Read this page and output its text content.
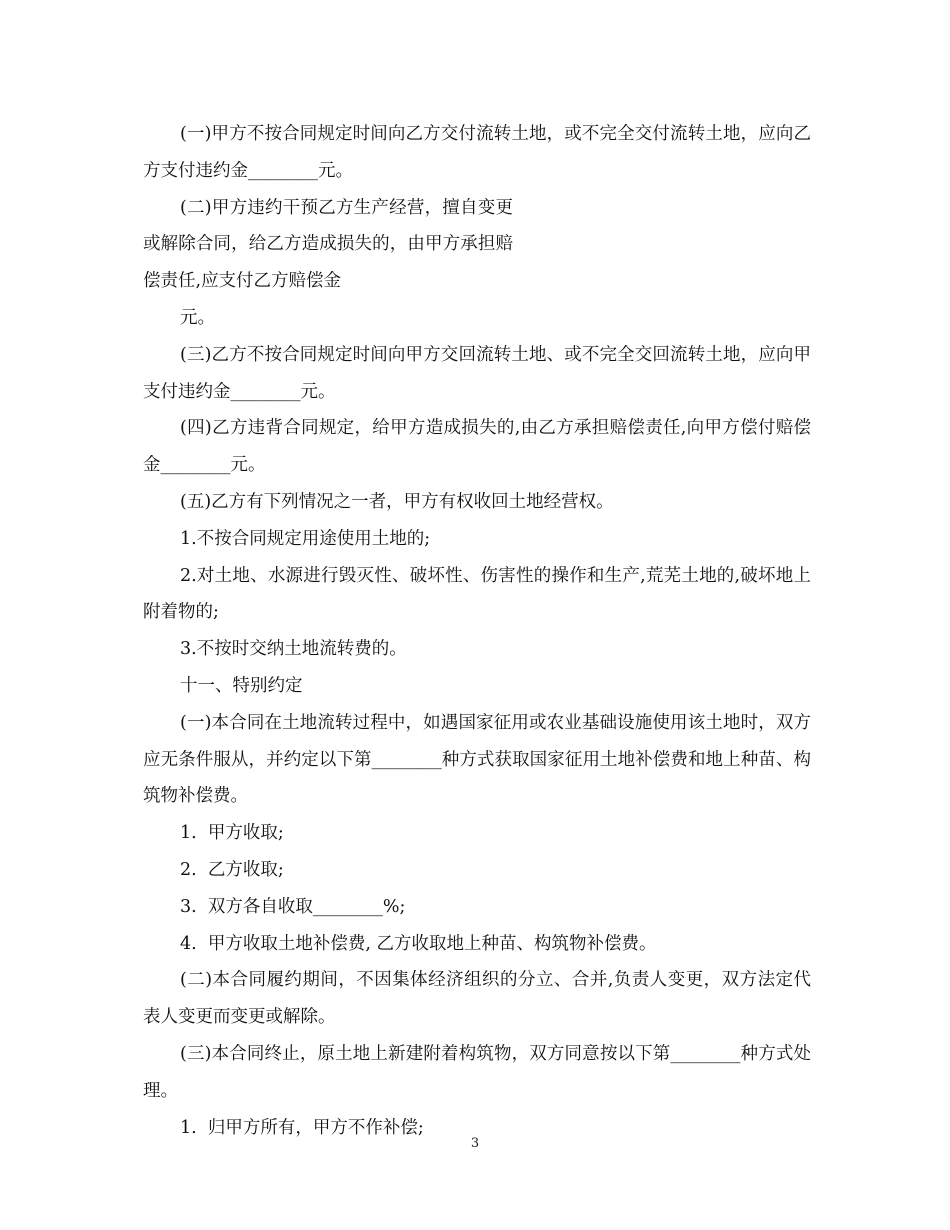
(一)甲方不按合同规定时间向乙方交付流转土地，或不完全交付流转土地，应向乙方支付违约金________元。

(二)甲方违约干预乙方生产经营，擅自变更或解除合同，给乙方造成损失的，由甲方承担赔偿责任,应支付乙方赔偿金

元。

(三)乙方不按合同规定时间向甲方交回流转土地、或不完全交回流转土地，应向甲支付违约金________元。

(四)乙方违背合同规定，给甲方造成损失的,由乙方承担赔偿责任,向甲方偿付赔偿金________元。

(五)乙方有下列情况之一者，甲方有权收回土地经营权。

1.不按合同规定用途使用土地的;

2.对土地、水源进行毁灭性、破坏性、伤害性的操作和生产,荒芜土地的,破坏地上附着物的;

3.不按时交纳土地流转费的。

十一、特别约定

(一)本合同在土地流转过程中，如遇国家征用或农业基础设施使用该土地时，双方应无条件服从，并约定以下第________种方式获取国家征用土地补偿费和地上种苗、构筑物补偿费。

1.  甲方收取;

2.  乙方收取;

3.  双方各自收取________%;

4.  甲方收取土地补偿费, 乙方收取地上种苗、构筑物补偿费。

(二)本合同履约期间，不因集体经济组织的分立、合并,负责人变更，双方法定代表人变更而变更或解除。

(三)本合同终止，原土地上新建附着构筑物，双方同意按以下第________种方式处理。

1.  归甲方所有，甲方不作补偿;

3
